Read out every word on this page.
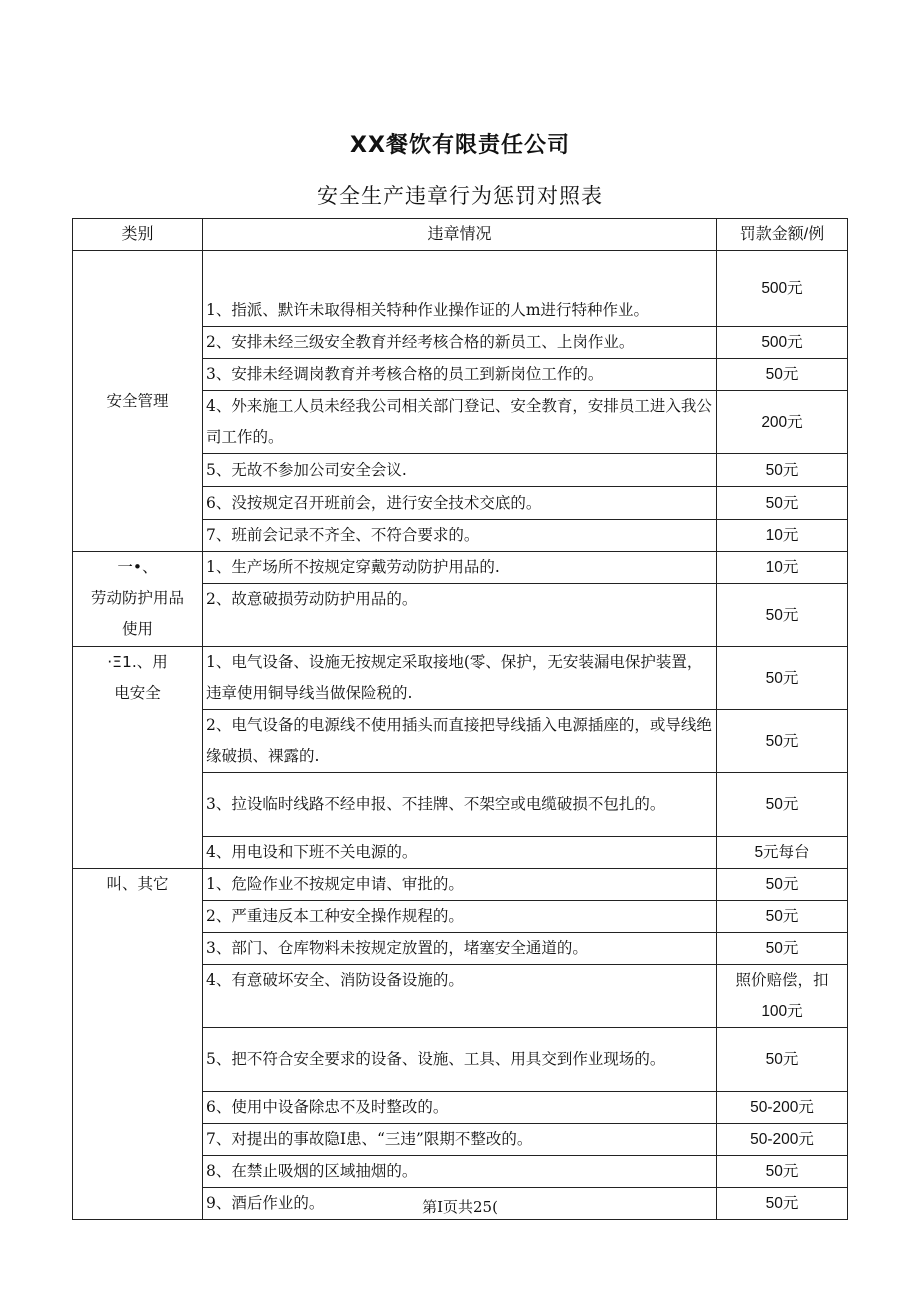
XX餐饮有限责任公司
安全生产违章行为惩罚对照表
类别	违章情况	罚款金额/例
安全管理	1、指派、默许未取得相关特种作业操作证的人m进行特种作业。	500元
	2、安排未经三级安全教育并经考核合格的新员工、上岗作业。	500元
	3、安排未经调岗教育并考核合格的员工到新岗位工作的。	50元
	4、外来施工人员未经我公司相关部门登记、安全教育，安排员工进入我公司工作的。	200元
	5、无故不参加公司安全会议.	50元
	6、没按规定召开班前会，进行安全技术交底的。	50元
	7、班前会记录不齐全、不符合要求的。	10元

一•、
劳动防护用品
使用	1、生产场所不按规定穿戴劳动防护用品的.	10元
	2、故意破损劳动防护用品的。	50元

·Ξ1.、用
电安全	1、电气设备、设施无按规定采取接地(零、保护，无安装漏电保护装置，违章使用铜导线当做保险税的.	50元
	2、电气设备的电源线不使用插头而直接把导线插入电源插座的，或导线绝缘破损、裸露的.	50元
	3、拉设临时线路不经申报、不挂牌、不架空或电缆破损不包扎的。	50元
	4、用电设和下班不关电源的。	5元每台
叫、其它	1、危险作业不按规定申请、审批的。	50元
	2、严重违反本工种安全操作规程的。	50元
	3、部门、仓库物料未按规定放置的，堵塞安全通道的。	50元
	4、有意破坏安全、消防设备设施的。	照价赔偿，扣
100元

	5、把不符合安全要求的设备、设施、工具、用具交到作业现场的。	50元
	6、使用中设备除忠不及时整改的。	50-200元
	7、对提出的事故隐I患、“三违”限期不整改的。	50-200元
	8、在禁止吸烟的区域抽烟的。	50元
	9、酒后作业的。	50元
第I页共25(
